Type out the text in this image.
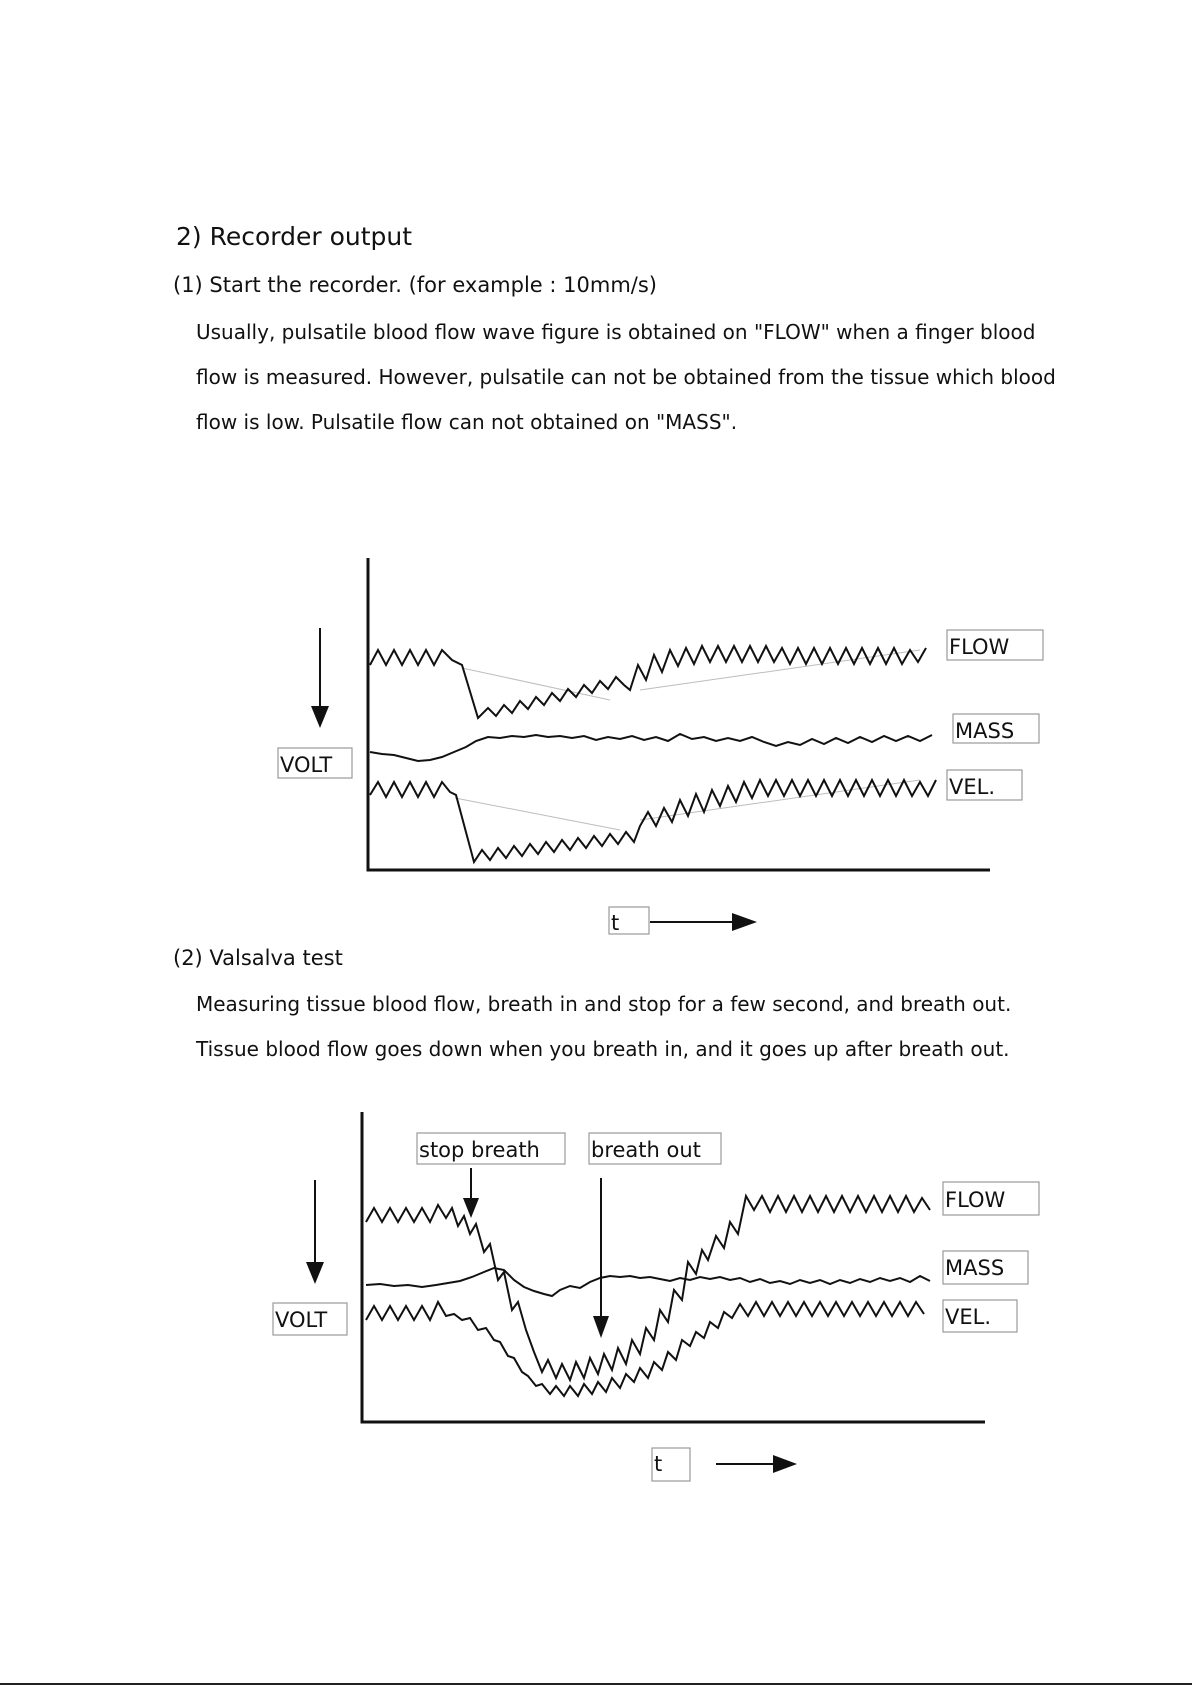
2) Recorder output
(1) Start the recorder. (for example : 10mm/s)
Usually, pulsatile blood flow wave figure is obtained on "FLOW" when a finger blood
flow is measured. However, pulsatile can not be obtained from the tissue which blood
flow is low. Pulsatile flow can not obtained on "MASS".
(2) Valsalva test
Measuring tissue blood flow, breath in and stop for a few second, and breath out.
Tissue blood flow goes down when you breath in, and it goes up after breath out.
VOLT
FLOW
MASS
VEL.
t
stop breath breath out
VOLT
FLOW
MASS
VEL.
t
